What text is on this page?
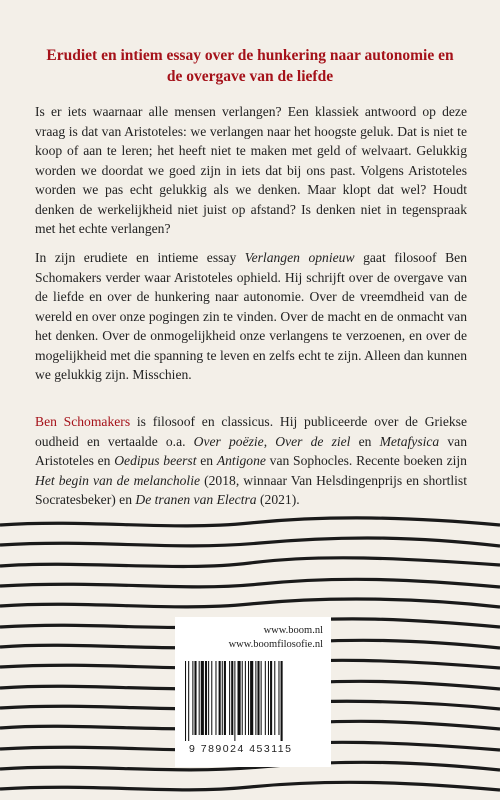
Erudiet en intiem essay over de hunkering naar autonomie en de overgave van de liefde

Is er iets waarnaar alle mensen verlangen? Een klassiek antwoord op deze vraag is dat van Aristoteles: we verlangen naar het hoogste geluk. Dat is niet te koop of aan te leren; het heeft niet te maken met geld of welvaart. Gelukkig worden we doordat we goed zijn in iets dat bij ons past. Volgens Aristoteles worden we pas echt gelukkig als we denken. Maar klopt dat wel? Houdt denken de werkelijkheid niet juist op afstand? Is denken niet in tegenspraak met het echte verlangen?

In zijn erudiete en intieme essay Verlangen opnieuw gaat filosoof Ben Schomakers verder waar Aristoteles ophield. Hij schrijft over de overgave van de liefde en over de hunkering naar autonomie. Over de vreemdheid van de wereld en over onze pogingen zin te vinden. Over de macht en de onmacht van het denken. Over de onmogelijkheid onze verlangens te verzoenen, en over de mogelijkheid met die spanning te leven en zelfs echt te zijn. Alleen dan kunnen we gelukkig zijn. Misschien.

Ben Schomakers is filosoof en classicus. Hij publiceerde over de Griekse oudheid en vertaalde o.a. Over poëzie, Over de ziel en Metafysica van Aristoteles en Oedipus beerst en Antigone van Sophocles. Recente boeken zijn Het begin van de melancholie (2018, winnaar Van Helsdingenprijs en shortlist Socratesbeker) en De tranen van Electra (2021).

www.boom.nl
www.boomfilosofie.nl
9 789024 453115
